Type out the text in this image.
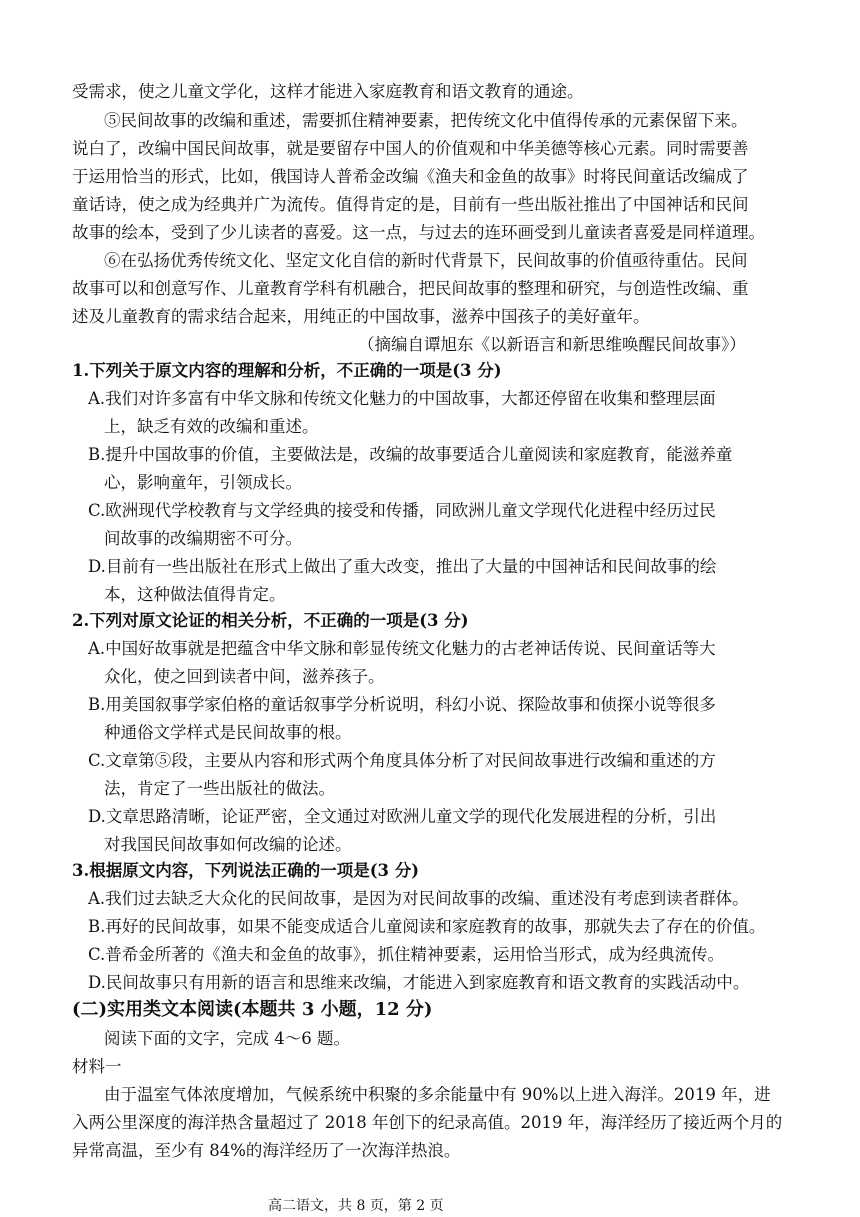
受需求，使之儿童文学化，这样才能进入家庭教育和语文教育的通途。
⑤民间故事的改编和重述，需要抓住精神要素，把传统文化中值得传承的元素保留下来。
说白了，改编中国民间故事，就是要留存中国人的价值观和中华美德等核心元素。同时需要善
于运用恰当的形式，比如，俄国诗人普希金改编《渔夫和金鱼的故事》时将民间童话改编成了
童话诗，使之成为经典并广为流传。值得肯定的是，目前有一些出版社推出了中国神话和民间
故事的绘本，受到了少儿读者的喜爱。这一点，与过去的连环画受到儿童读者喜爱是同样道理。
⑥在弘扬优秀传统文化、坚定文化自信的新时代背景下，民间故事的价值亟待重估。民间
故事可以和创意写作、儿童教育学科有机融合，把民间故事的整理和研究，与创造性改编、重
述及儿童教育的需求结合起来，用纯正的中国故事，滋养中国孩子的美好童年。
（摘编自谭旭东《以新语言和新思维唤醒民间故事》）
1.下列关于原文内容的理解和分析，不正确的一项是(3 分)
A.我们对许多富有中华文脉和传统文化魅力的中国故事，大都还停留在收集和整理层面
上，缺乏有效的改编和重述。
B.提升中国故事的价值，主要做法是，改编的故事要适合儿童阅读和家庭教育，能滋养童
心，影响童年，引领成长。
C.欧洲现代学校教育与文学经典的接受和传播，同欧洲儿童文学现代化进程中经历过民
间故事的改编期密不可分。
D.目前有一些出版社在形式上做出了重大改变，推出了大量的中国神话和民间故事的绘
本，这种做法值得肯定。
2.下列对原文论证的相关分析，不正确的一项是(3 分)
A.中国好故事就是把蕴含中华文脉和彰显传统文化魅力的古老神话传说、民间童话等大
众化，使之回到读者中间，滋养孩子。
B.用美国叙事学家伯格的童话叙事学分析说明，科幻小说、探险故事和侦探小说等很多
种通俗文学样式是民间故事的根。
C.文章第⑤段，主要从内容和形式两个角度具体分析了对民间故事进行改编和重述的方
法，肯定了一些出版社的做法。
D.文章思路清晰，论证严密，全文通过对欧洲儿童文学的现代化发展进程的分析，引出
对我国民间故事如何改编的论述。
3.根据原文内容，下列说法正确的一项是(3 分)
A.我们过去缺乏大众化的民间故事，是因为对民间故事的改编、重述没有考虑到读者群体。
B.再好的民间故事，如果不能变成适合儿童阅读和家庭教育的故事，那就失去了存在的价值。
C.普希金所著的《渔夫和金鱼的故事》，抓住精神要素，运用恰当形式，成为经典流传。
D.民间故事只有用新的语言和思维来改编，才能进入到家庭教育和语文教育的实践活动中。
(二)实用类文本阅读(本题共 3 小题，12 分)
阅读下面的文字，完成 4～6 题。
材料一
由于温室气体浓度增加，气候系统中积聚的多余能量中有 90%以上进入海洋。2019 年，进
入两公里深度的海洋热含量超过了 2018 年创下的纪录高值。2019 年，海洋经历了接近两个月的
异常高温，至少有 84%的海洋经历了一次海洋热浪。
高二语文，共 8 页，第 2 页
